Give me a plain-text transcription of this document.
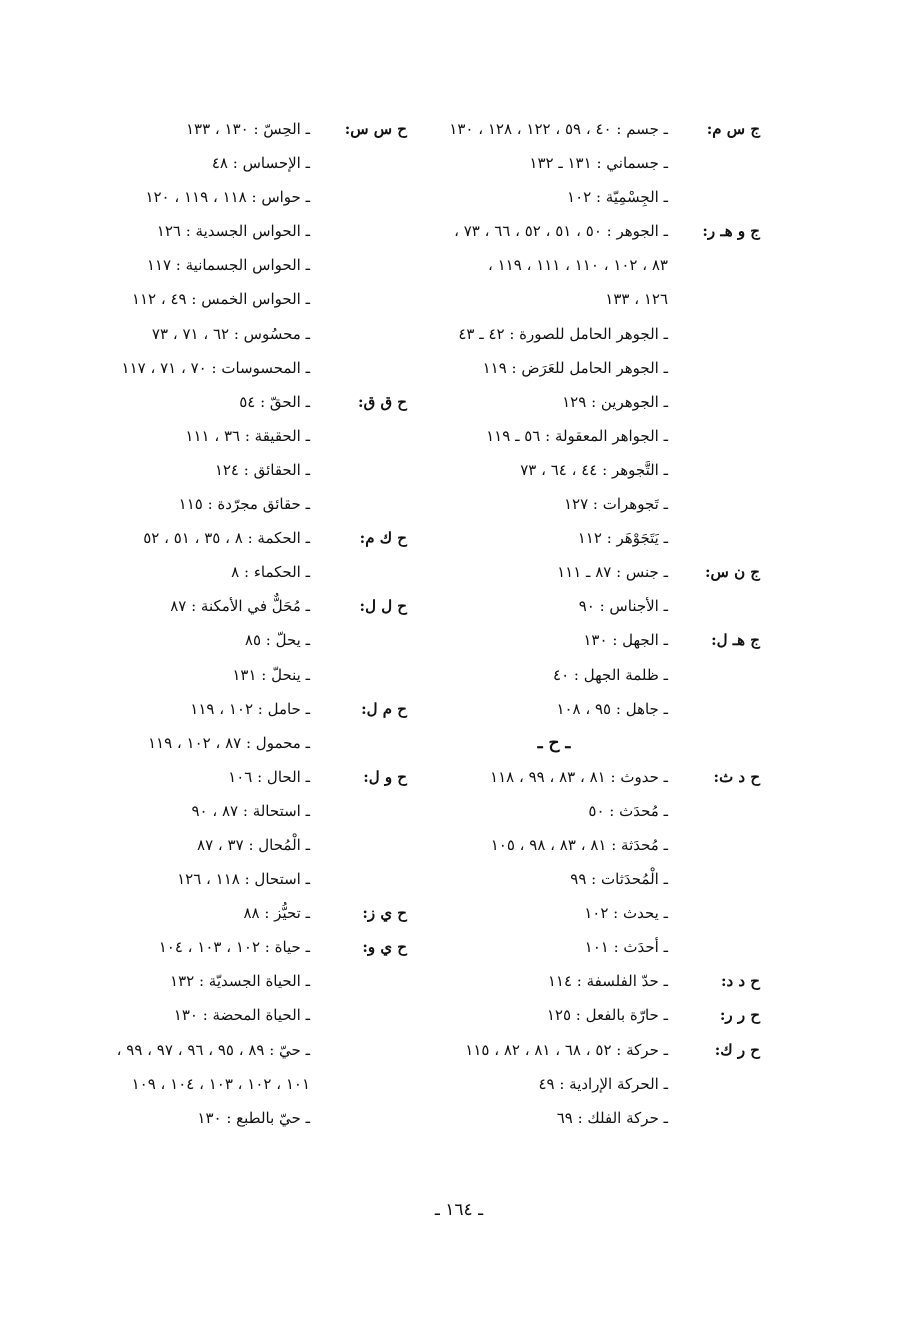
ج س م:
ـ جسم : ٤٠ ، ٥٩ ، ١٢٢ ، ١٢٨ ، ١٣٠
ـ جسماني : ١٣١ ـ ١٣٢
ـ الجِسْمِيّة : ١٠٢
ج و هـ ر:
ـ الجوهر : ٥٠ ، ٥١ ، ٥٢ ، ٦٦ ، ٧٣ ،
٨٣ ، ١٠٢ ، ١١٠ ، ١١١ ، ١١٩ ،
١٢٦ ، ١٣٣
ـ الجوهر الحامل للصورة : ٤٢ ـ ٤٣
ـ الجوهر الحامل للعَرَض : ١١٩
ـ الجوهرين : ١٢٩
ـ الجواهر المعقولة : ٥٦ ـ ١١٩
ـ التَّجوهر : ٤٤ ، ٦٤ ، ٧٣
ـ تَجوهرات : ١٢٧
ـ يَتَجَوْهَر : ١١٢
ج ن س:
ـ جنس : ٨٧ ـ ١١١
ـ الأجناس : ٩٠
ج هـ ل:
ـ الجهل : ١٣٠
ـ ظلمة الجهل : ٤٠
ـ جاهل : ٩٥ ، ١٠٨
ـ ح ـ
ح د ث:
ـ حدوث : ٨١ ، ٨٣ ، ٩٩ ، ١١٨
ـ مُحدَث : ٥٠
ـ مُحدَثة : ٨١ ، ٨٣ ، ٩٨ ، ١٠٥
ـ الْمُحدَثات : ٩٩
ـ يحدث : ١٠٢
ـ أحدَث : ١٠١
ح د د:
ـ حدّ الفلسفة : ١١٤
ح ر ر:
ـ حارّة بالفعل : ١٢٥
ح ر ك:
ـ حركة : ٥٢ ، ٦٨ ، ٨١ ، ٨٢ ، ١١٥
ـ الحركة الإرادية : ٤٩
ـ حركة الفلك : ٦٩
ح س س:
ـ الحِسّ : ١٣٠ ، ١٣٣
ـ الإحساس : ٤٨
ـ حواس : ١١٨ ، ١١٩ ، ١٢٠
ـ الحواس الجسدية : ١٢٦
ـ الحواس الجسمانية : ١١٧
ـ الحواس الخمس : ٤٩ ، ١١٢
ـ محسُوس : ٦٢ ، ٧١ ، ٧٣
ـ المحسوسات : ٧٠ ، ٧١ ، ١١٧
ح ق ق:
ـ الحقّ : ٥٤
ـ الحقيقة : ٣٦ ، ١١١
ـ الحقائق : ١٢٤
ـ حقائق مجرّدة : ١١٥
ح ك م:
ـ الحكمة : ٨ ، ٣٥ ، ٥١ ، ٥٢
ـ الحكماء : ٨
ح ل ل:
ـ مُحَلٌّ في الأمكنة : ٨٧
ـ يحلّ : ٨٥
ـ ينحلّ : ١٣١
ح م ل:
ـ حامل : ١٠٢ ، ١١٩
ـ محمول : ٨٧ ، ١٠٢ ، ١١٩
ح و ل:
ـ الحال : ١٠٦
ـ استحالة : ٨٧ ، ٩٠
ـ الْمُحال : ٣٧ ، ٨٧
ـ استحال : ١١٨ ، ١٢٦
ح ي ز:
ـ تحيُّز : ٨٨
ح ي و:
ـ حياة : ١٠٢ ، ١٠٣ ، ١٠٤
ـ الحياة الجسديّة : ١٣٢
ـ الحياة المحضة : ١٣٠
ـ حيّ : ٨٩ ، ٩٥ ، ٩٦ ، ٩٧ ، ٩٩ ،
١٠١ ، ١٠٢ ، ١٠٣ ، ١٠٤ ، ١٠٩
ـ حيّ بالطبع : ١٣٠
ـ ١٦٤ ـ
